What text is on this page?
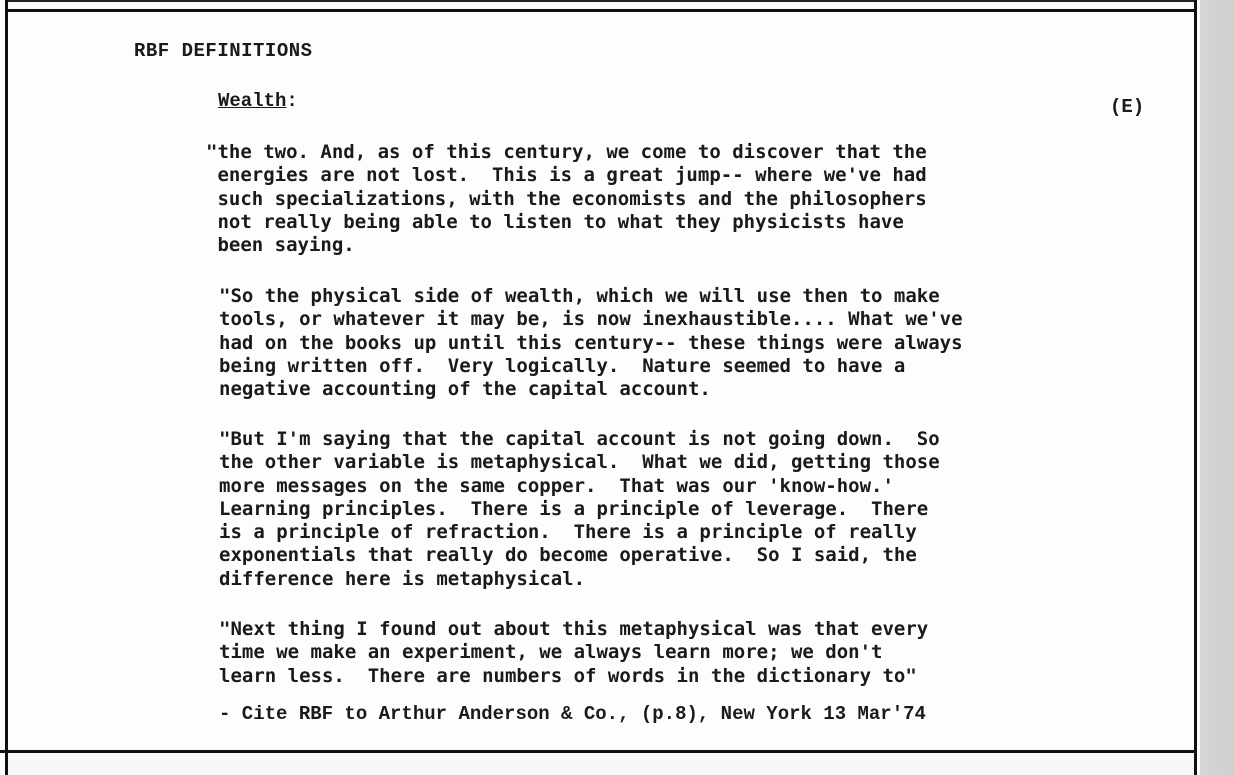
RBF DEFINITIONS
Wealth:	(E)
"the two. And, as of this century, we come to discover that the
energies are not lost.  This is a great jump-- where we've had
such specializations, with the economists and the philosophers
not really being able to listen to what they physicists have
been saying.
"So the physical side of wealth, which we will use then to make
tools, or whatever it may be, is now inexhaustible.... What we've
had on the books up until this century-- these things were always
being written off.  Very logically.  Nature seemed to have a
negative accounting of the capital account.
"But I'm saying that the capital account is not going down.  So
the other variable is metaphysical.  What we did, getting those
more messages on the same copper.  That was our 'know-how.'
Learning principles.  There is a principle of leverage.  There
is a principle of refraction.  There is a principle of really
exponentials that really do become operative.  So I said, the
difference here is metaphysical.
"Next thing I found out about this metaphysical was that every
time we make an experiment, we always learn more; we don't
learn less.  There are numbers of words in the dictionary to"
- Cite RBF to Arthur Anderson & Co., (p.8), New York 13 Mar'74
